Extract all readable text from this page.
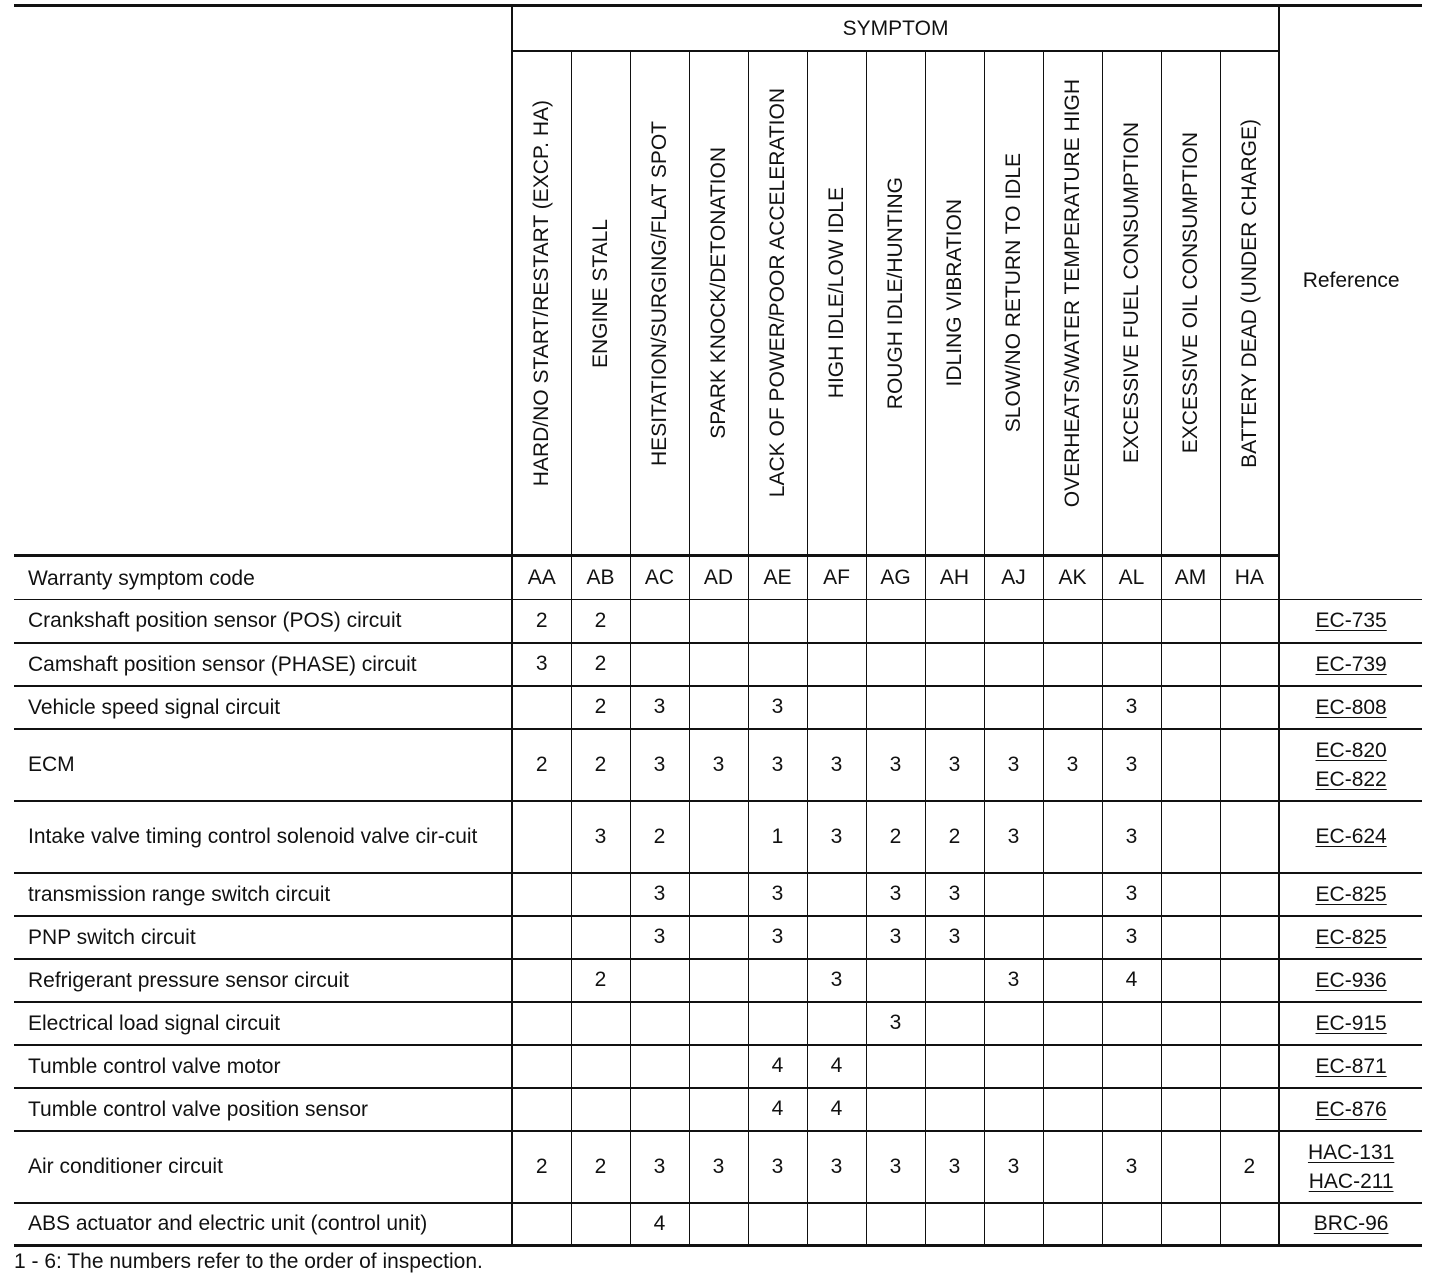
	SYMPTOM													Reference
	HARD/NO START/RESTART (EXCP. HA)	ENGINE STALL	HESITATION/SURGING/FLAT SPOT	SPARK KNOCK/DETONATION	LACK OF POWER/POOR ACCELERATION	HIGH IDLE/LOW IDLE	ROUGH IDLE/HUNTING	IDLING VIBRATION	SLOW/NO RETURN TO IDLE	OVERHEATS/WATER TEMPERATURE HIGH	EXCESSIVE FUEL CONSUMPTION	EXCESSIVE OIL CONSUMPTION	BATTERY DEAD (UNDER CHARGE)	
Warranty symptom code	AA	AB	AC	AD	AE	AF	AG	AH	AJ	AK	AL	AM	HA	
Crankshaft position sensor (POS) circuit	2	2												EC-735

Camshaft position sensor (PHASE) circuit	3	2												EC-739

Vehicle speed signal circuit		2	3		3						3			EC-808

ECM	2	2	3	3	3	3	3	3	3	3	3			EC-820
EC-822

Intake valve timing control solenoid valve cir-cuit		3	2		1	3	2	2	3		3			EC-624

transmission range switch circuit			3		3		3	3			3			EC-825

PNP switch circuit			3		3		3	3			3			EC-825

Refrigerant pressure sensor circuit		2				3			3		4			EC-936

Electrical load signal circuit							3							EC-915

Tumble control valve motor					4	4								EC-871

Tumble control valve position sensor					4	4								EC-876

Air conditioner circuit	2	2	3	3	3	3	3	3	3		3		2	HAC-131
HAC-211

ABS actuator and electric unit (control unit)			4											BRC-96
1 - 6: The numbers refer to the order of inspection.
